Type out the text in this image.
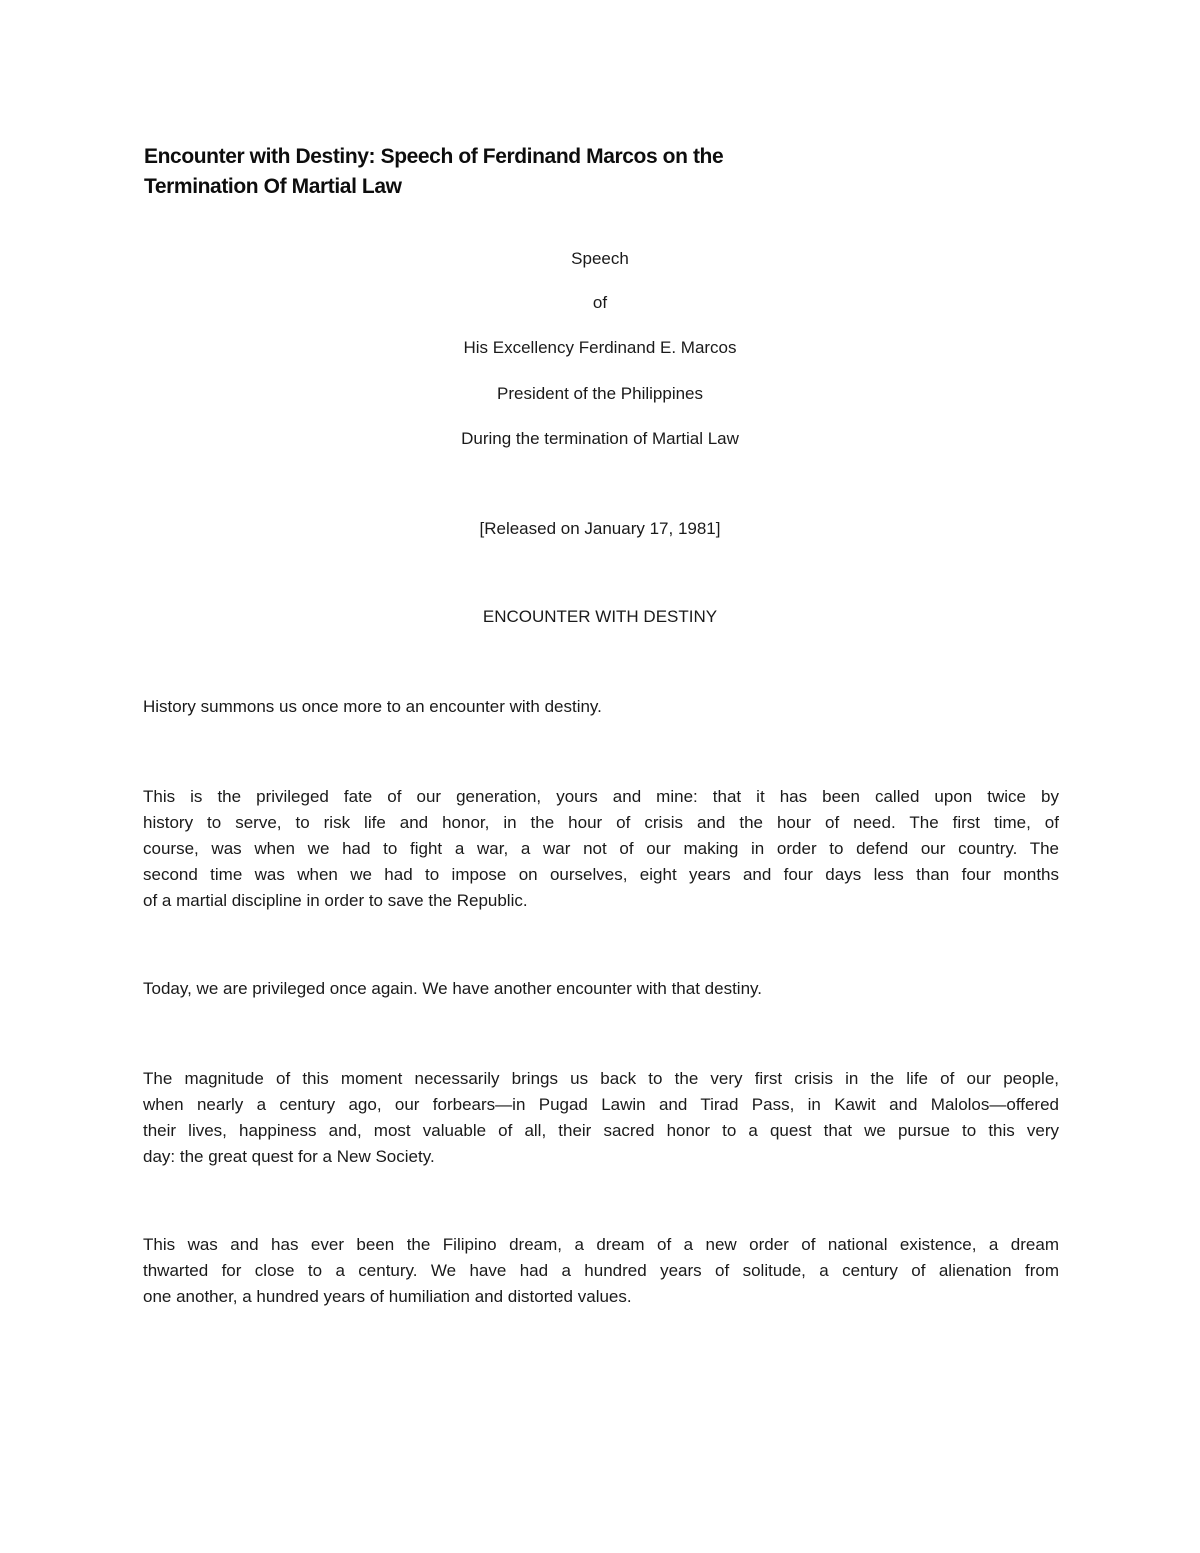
Encounter with Destiny: Speech of Ferdinand Marcos on the
Termination Of Martial Law

Speech

of

His Excellency Ferdinand E. Marcos

President of the Philippines

During the termination of Martial Law

[Released on January 17, 1981]

ENCOUNTER WITH DESTINY

History summons us once more to an encounter with destiny.

This is the privileged fate of our generation, yours and mine: that it has been called upon twice by
history to serve, to risk life and honor, in the hour of crisis and the hour of need. The first time, of
course, was when we had to fight a war, a war not of our making in order to defend our country. The
second time was when we had to impose on ourselves, eight years and four days less than four months
of a martial discipline in order to save the Republic.

Today, we are privileged once again. We have another encounter with that destiny.

The magnitude of this moment necessarily brings us back to the very first crisis in the life of our people,
when nearly a century ago, our forbears—in Pugad Lawin and Tirad Pass, in Kawit and Malolos—offered
their lives, happiness and, most valuable of all, their sacred honor to a quest that we pursue to this very
day: the great quest for a New Society.

This was and has ever been the Filipino dream, a dream of a new order of national existence, a dream
thwarted for close to a century. We have had a hundred years of solitude, a century of alienation from
one another, a hundred years of humiliation and distorted values.
